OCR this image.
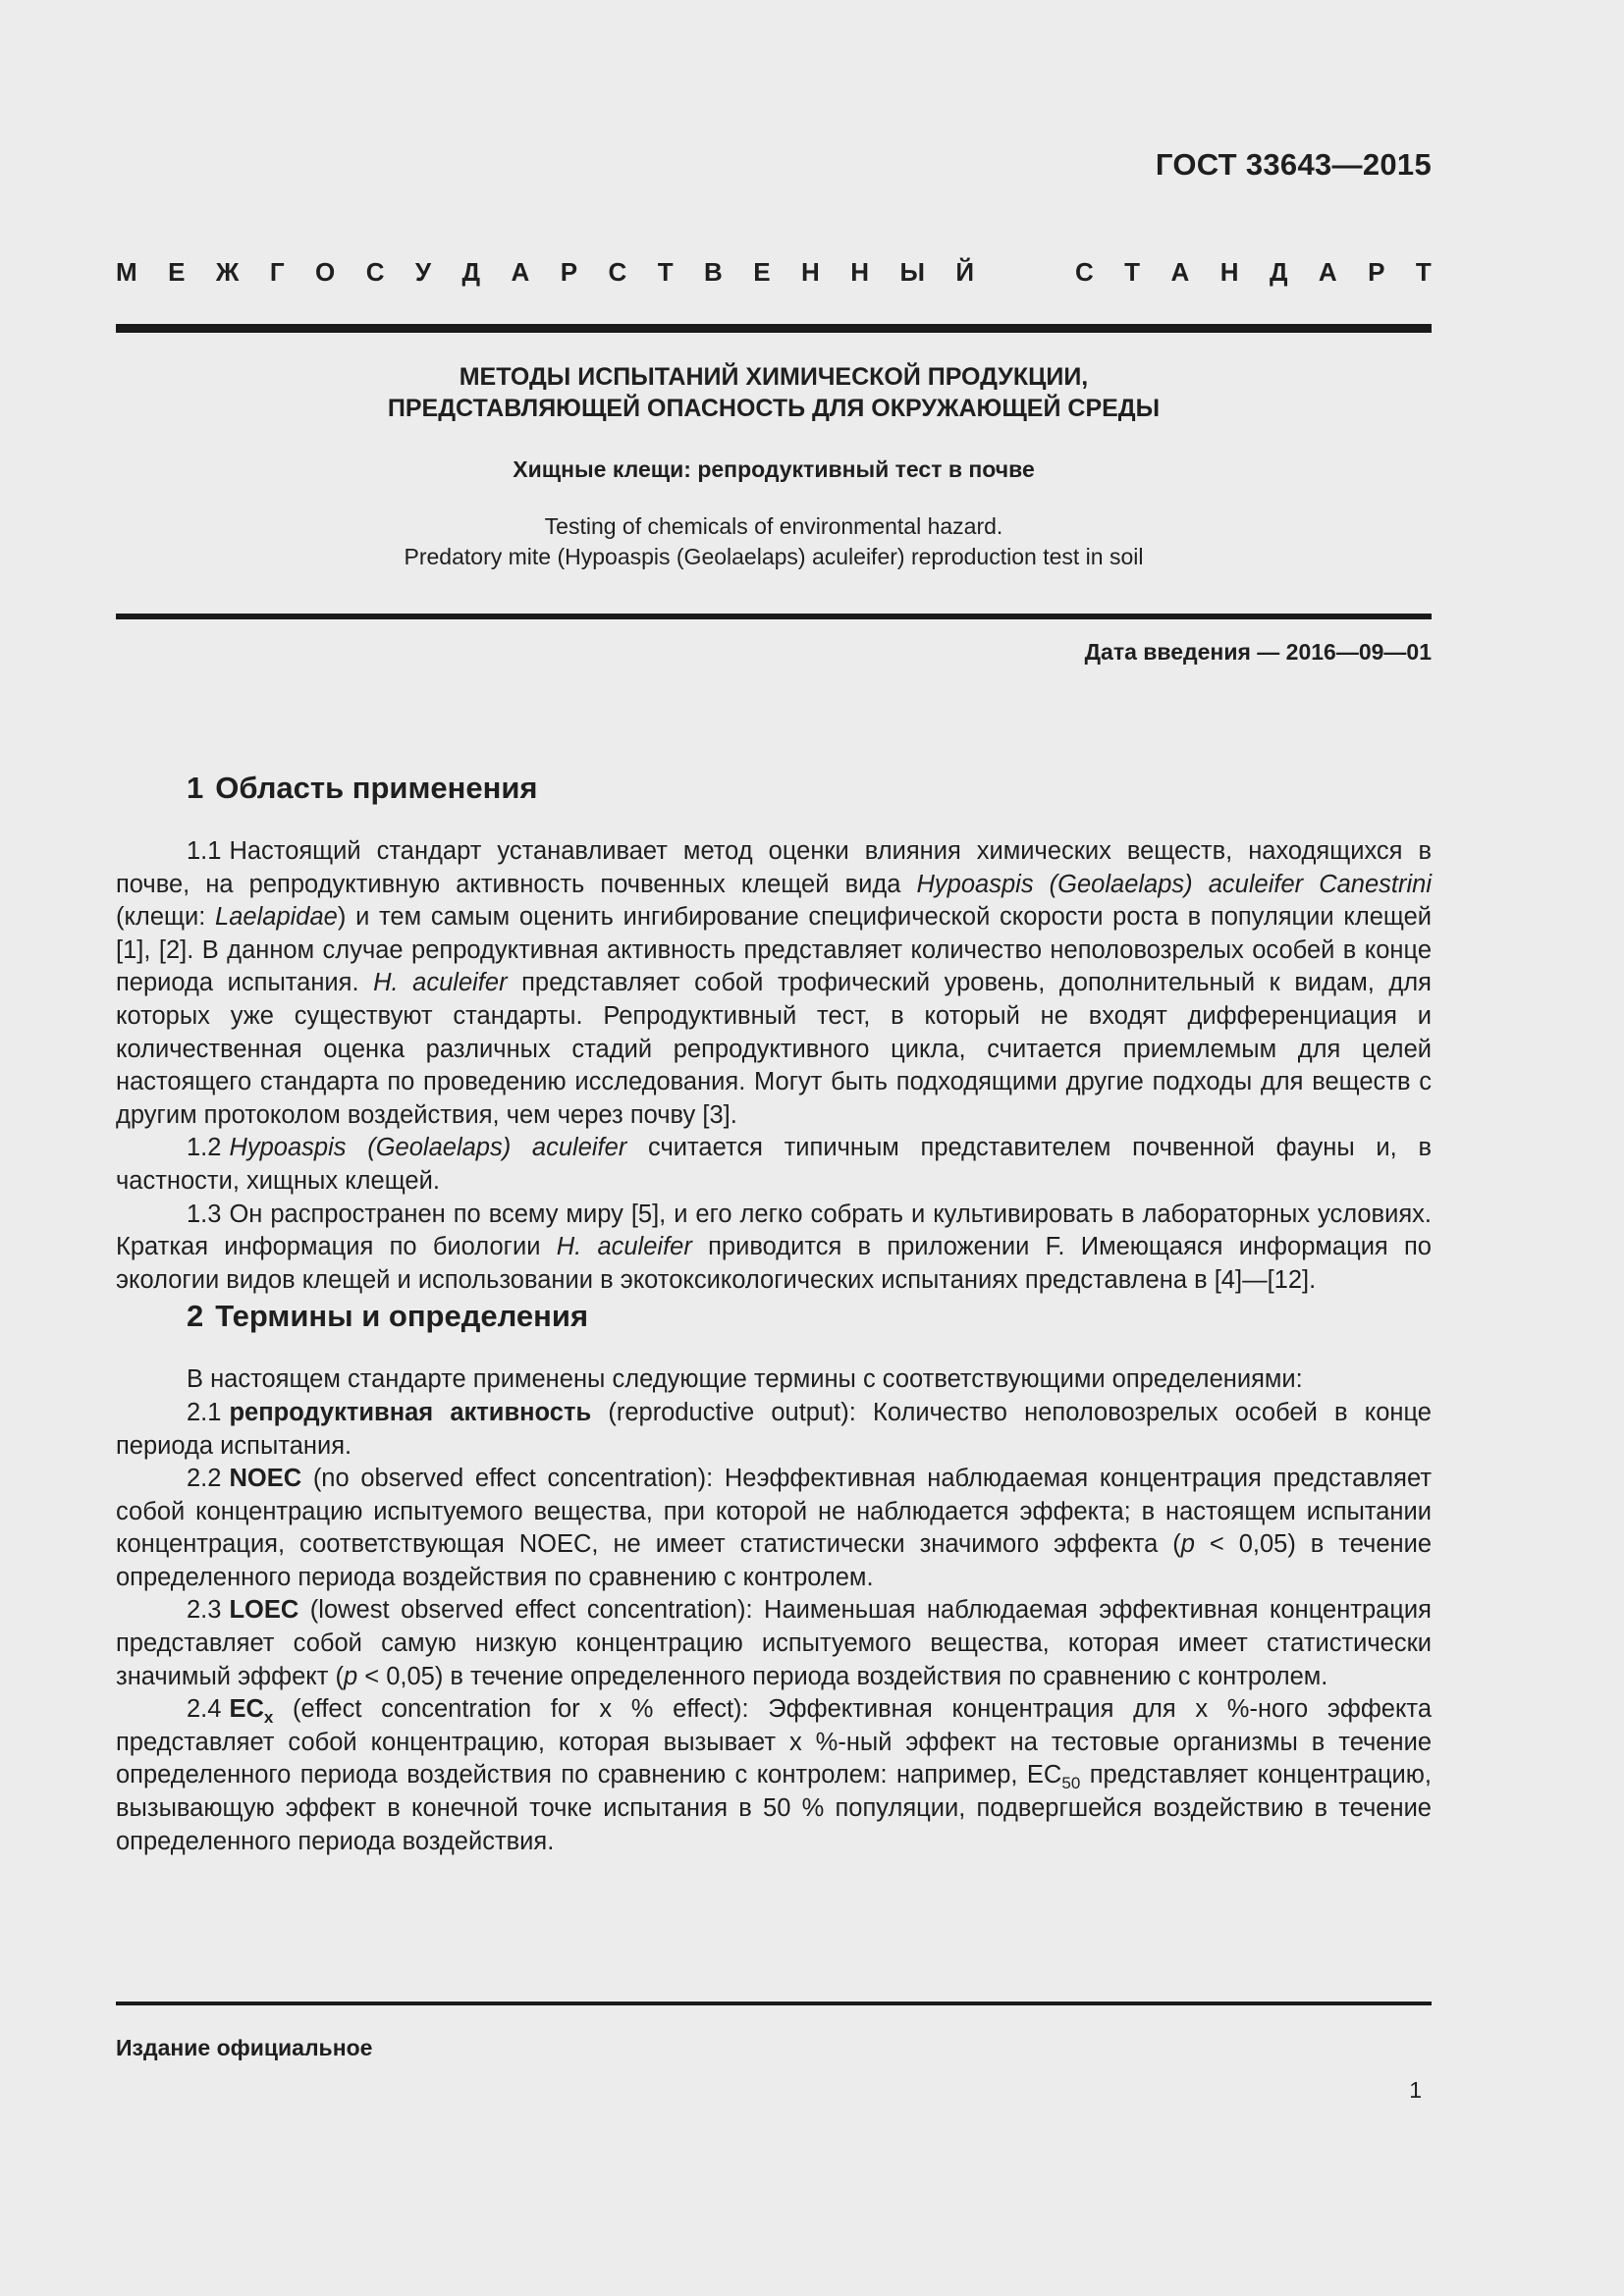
ГОСТ 33643—2015
М Е Ж Г О С У Д А Р С Т В Е Н Н Ы Й	С Т А Н Д А Р Т

МЕТОДЫ ИСПЫТАНИЙ ХИМИЧЕСКОЙ ПРОДУКЦИИ,
ПРЕДСТАВЛЯЮЩЕЙ ОПАСНОСТЬ ДЛЯ ОКРУЖАЮЩЕЙ СРЕДЫ

Хищные клещи: репродуктивный тест в почве

Testing of chemicals of environmental hazard.
Predatory mite (Hypoaspis (Geolaelaps) aculeifer) reproduction test in soil

Дата введения — 2016—09—01
1 Область применения

1.1 Настоящий стандарт устанавливает метод оценки влияния химических веществ, находящихся в почве, на репродуктивную активность почвенных клещей вида Hypoaspis (Geolaelaps) aculeifer Canestrini (клещи: Laelapidae) и тем самым оценить ингибирование специфической скорости роста в популяции клещей [1], [2]. В данном случае репродуктивная активность представляет количество неполовозрелых особей в конце периода испытания. H. aculeifer представляет собой трофический уровень, дополнительный к видам, для которых уже существуют стандарты. Репродуктивный тест, в который не входят дифференциация и количественная оценка различных стадий репродуктивного цикла, считается приемлемым для целей настоящего стандарта по проведению исследования. Могут быть подходящими другие подходы для веществ с другим протоколом воздействия, чем через почву [3].

1.2 Hypoaspis (Geolaelaps) aculeifer считается типичным представителем почвенной фауны и, в частности, хищных клещей.

1.3 Он распространен по всему миру [5], и его легко собрать и культивировать в лабораторных условиях. Краткая информация по биологии H. aculeifer приводится в приложении F. Имеющаяся информация по экологии видов клещей и использовании в экотоксикологических испытаниях представлена в [4]—[12].

2 Термины и определения

В настоящем стандарте применены следующие термины с соответствующими определениями:

2.1 репродуктивная активность (reproductive output): Количество неполовозрелых особей в конце периода испытания.

2.2 NOEC (no observed effect concentration): Неэффективная наблюдаемая концентрация представляет собой концентрацию испытуемого вещества, при которой не наблюдается эффекта; в настоящем испытании концентрация, соответствующая NOEC, не имеет статистически значимого эффекта (p < 0,05) в течение определенного периода воздействия по сравнению с контролем.

2.3 LOEC (lowest observed effect concentration): Наименьшая наблюдаемая эффективная концентрация представляет собой самую низкую концентрацию испытуемого вещества, которая имеет статистически значимый эффект (p < 0,05) в течение определенного периода воздействия по сравнению с контролем.

2.4 $EC_x$ (effect concentration for x % effect): Эффективная концентрация для x %-ного эффекта представляет собой концентрацию, которая вызывает x %-ный эффект на тестовые организмы в течение определенного периода воздействия по сравнению с контролем: например, $EC_{50}$ представляет концентрацию, вызывающую эффект в конечной точке испытания в 50 % популяции, подвергшейся воздействию в течение определенного периода воздействия.

Издание официальное
1
